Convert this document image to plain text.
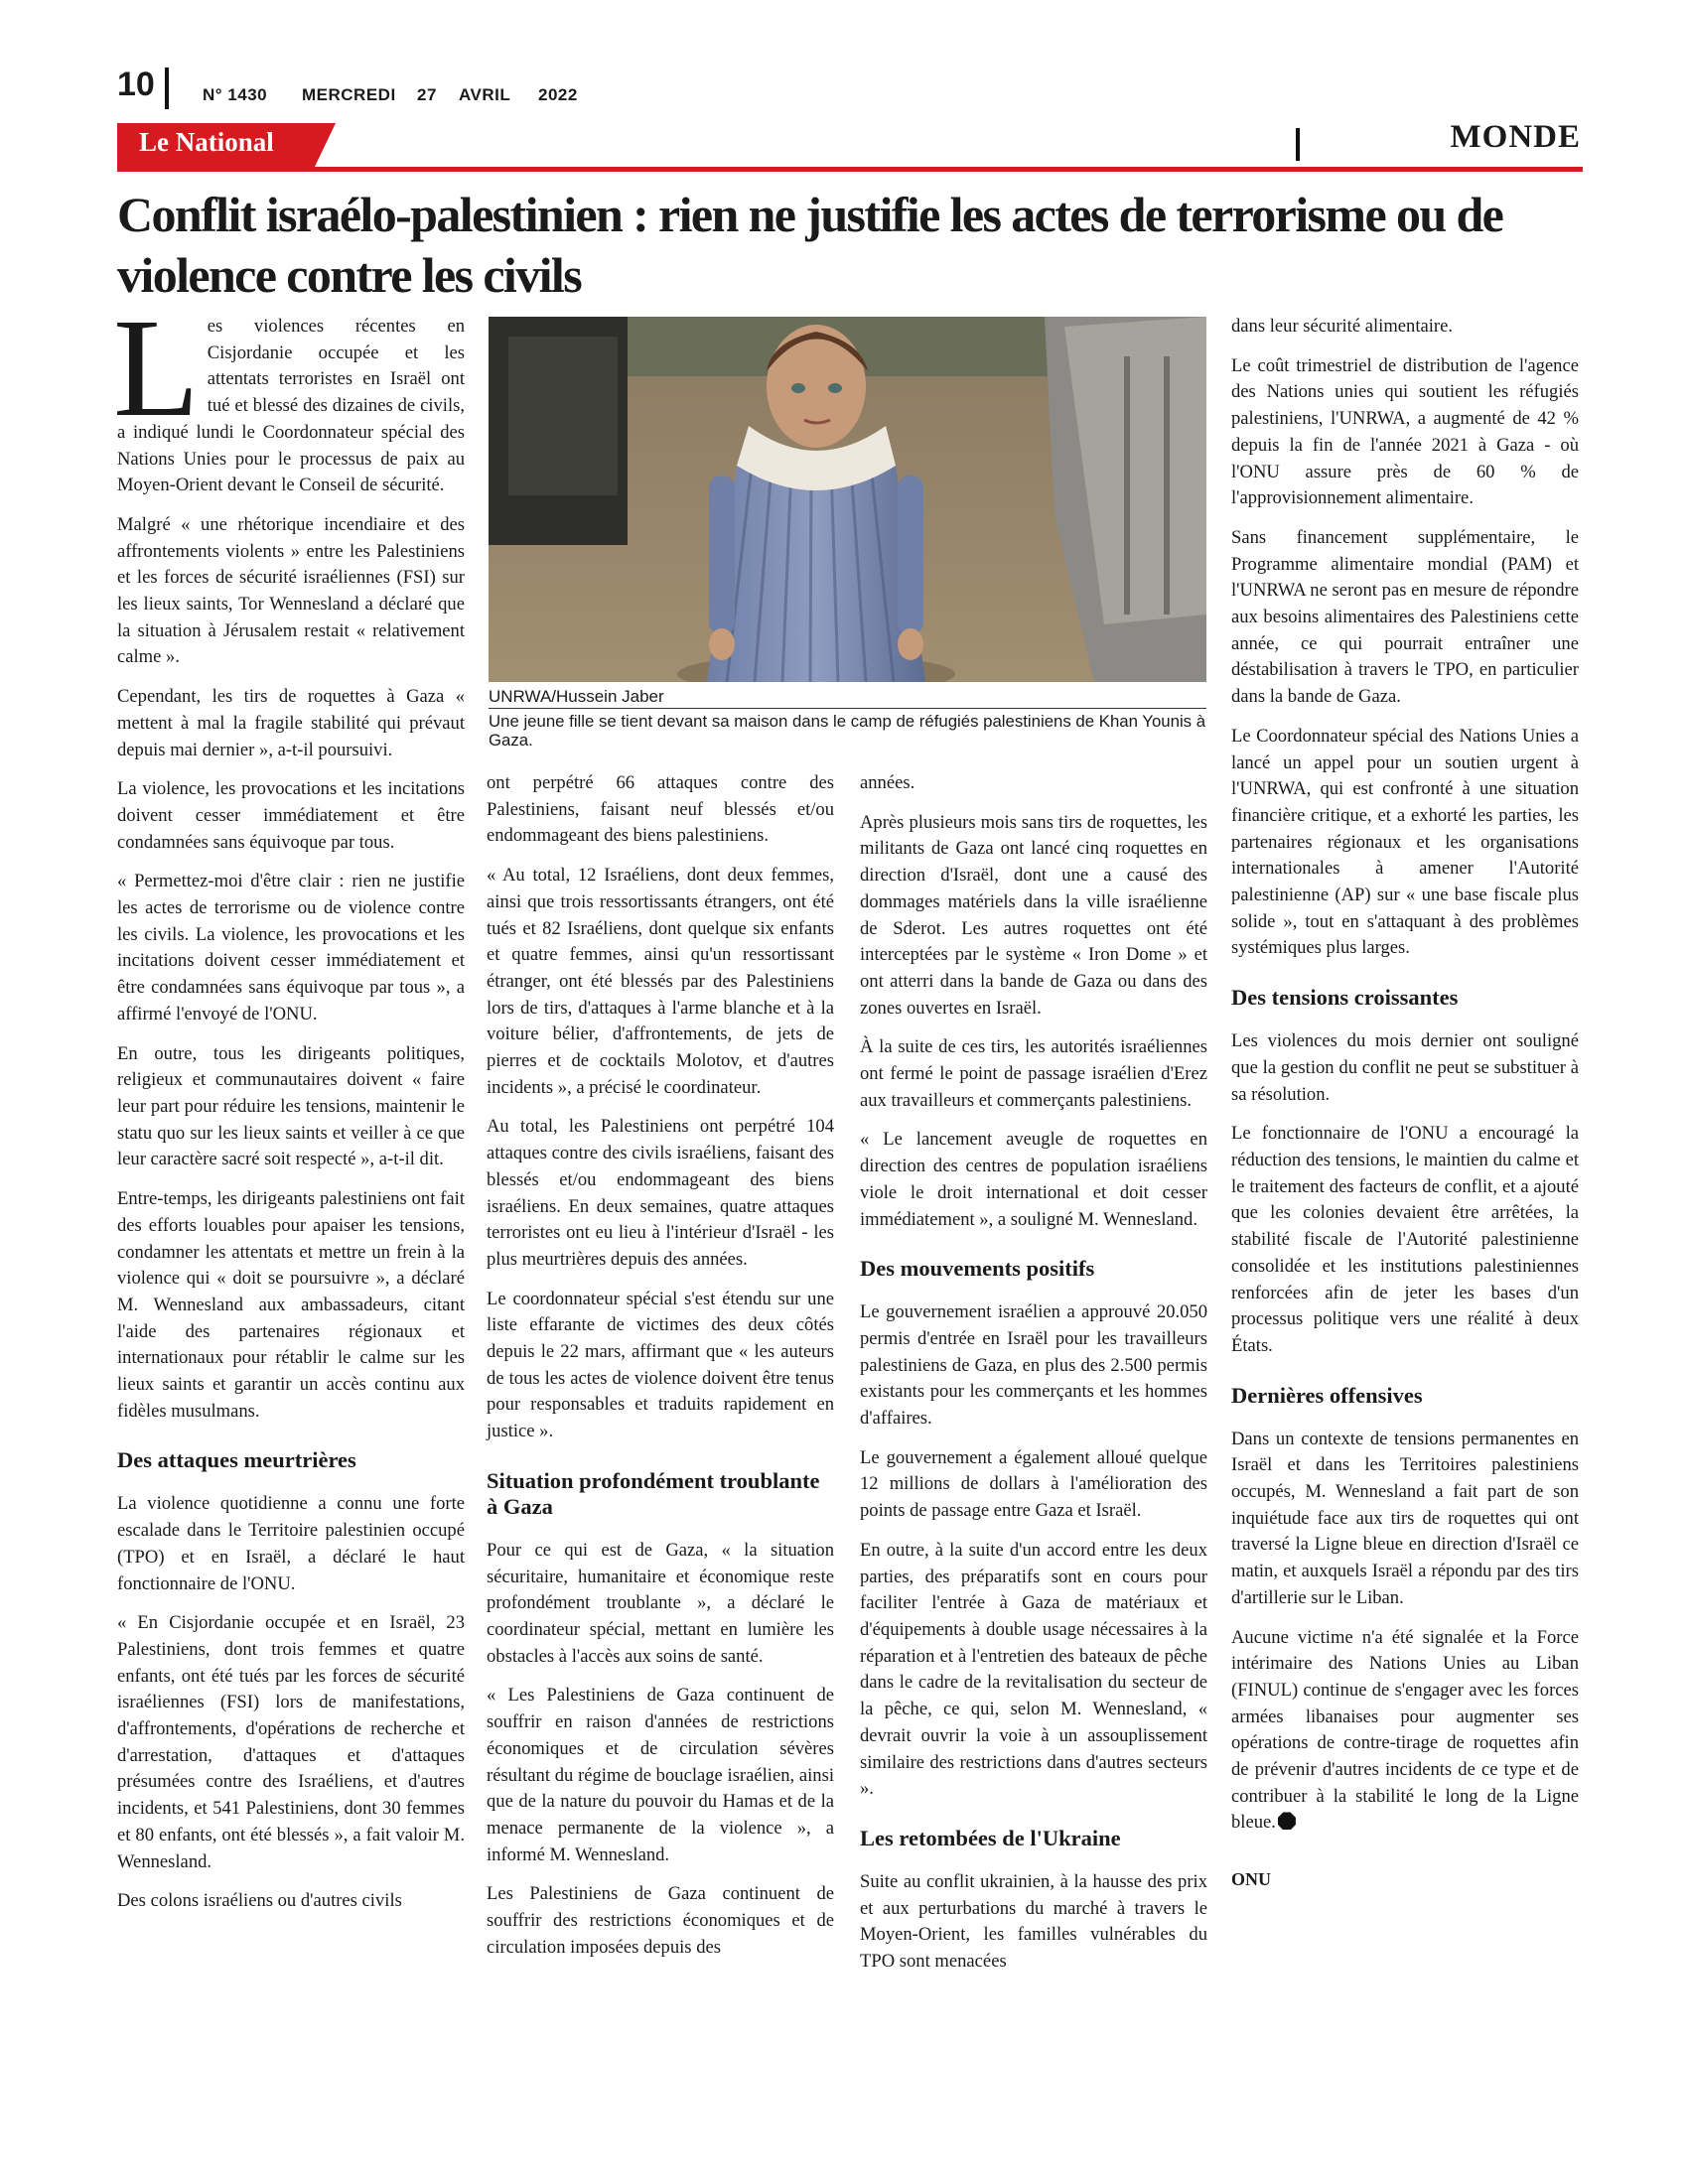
10	N° 1430 MERCREDI 27 AVRIL 2022
Le National	MONDE
Conflit israélo-palestinien : rien ne justifie les actes de terrorisme ou de violence contre les civils
UNRWA/Hussein Jaber
Une jeune fille se tient devant sa maison dans le camp de réfugiés palestiniens de Khan Younis à Gaza.

Les violences récentes en Cisjordanie occupée et les attentats terroristes en Israël ont tué et blessé des dizaines de civils, a indiqué lundi le Coordonnateur spécial des Nations Unies pour le processus de paix au Moyen-Orient devant le Conseil de sécurité.

Malgré « une rhétorique incendiaire et des affrontements violents » entre les Palestiniens et les forces de sécurité israéliennes (FSI) sur les lieux saints, Tor Wennesland a déclaré que la situation à Jérusalem restait « relativement calme ».

Cependant, les tirs de roquettes à Gaza « mettent à mal la fragile stabilité qui prévaut depuis mai dernier », a-t-il poursuivi.

La violence, les provocations et les incitations doivent cesser immédiatement et être condamnées sans équivoque par tous.

« Permettez-moi d'être clair : rien ne justifie les actes de terrorisme ou de violence contre les civils. La violence, les provocations et les incitations doivent cesser immédiatement et être condamnées sans équivoque par tous », a affirmé l'envoyé de l'ONU.

En outre, tous les dirigeants politiques, religieux et communautaires doivent « faire leur part pour réduire les tensions, maintenir le statu quo sur les lieux saints et veiller à ce que leur caractère sacré soit respecté », a-t-il dit.

Entre-temps, les dirigeants palestiniens ont fait des efforts louables pour apaiser les tensions, condamner les attentats et mettre un frein à la violence qui « doit se poursuivre », a déclaré M. Wennesland aux ambassadeurs, citant l'aide des partenaires régionaux et internationaux pour rétablir le calme sur les lieux saints et garantir un accès continu aux fidèles musulmans.

Des attaques meurtrières

La violence quotidienne a connu une forte escalade dans le Territoire palestinien occupé (TPO) et en Israël, a déclaré le haut fonctionnaire de l'ONU.

« En Cisjordanie occupée et en Israël, 23 Palestiniens, dont trois femmes et quatre enfants, ont été tués par les forces de sécurité israéliennes (FSI) lors de manifestations, d'affrontements, d'opérations de recherche et d'arrestation, d'attaques et d'attaques présumées contre des Israéliens, et d'autres incidents, et 541 Palestiniens, dont 30 femmes et 80 enfants, ont été blessés », a fait valoir M. Wennesland.

Des colons israéliens ou d'autres civils

ont perpétré 66 attaques contre des Palestiniens, faisant neuf blessés et/ou endommageant des biens palestiniens.

« Au total, 12 Israéliens, dont deux femmes, ainsi que trois ressortissants étrangers, ont été tués et 82 Israéliens, dont quelque six enfants et quatre femmes, ainsi qu'un ressortissant étranger, ont été blessés par des Palestiniens lors de tirs, d'attaques à l'arme blanche et à la voiture bélier, d'affrontements, de jets de pierres et de cocktails Molotov, et d'autres incidents », a précisé le coordinateur.

Au total, les Palestiniens ont perpétré 104 attaques contre des civils israéliens, faisant des blessés et/ou endommageant des biens israéliens. En deux semaines, quatre attaques terroristes ont eu lieu à l'intérieur d'Israël - les plus meurtrières depuis des années.

Le coordonnateur spécial s'est étendu sur une liste effarante de victimes des deux côtés depuis le 22 mars, affirmant que « les auteurs de tous les actes de violence doivent être tenus pour responsables et traduits rapidement en justice ».

Situation profondément troublante à Gaza

Pour ce qui est de Gaza, « la situation sécuritaire, humanitaire et économique reste profondément troublante », a déclaré le coordinateur spécial, mettant en lumière les obstacles à l'accès aux soins de santé.

« Les Palestiniens de Gaza continuent de souffrir en raison d'années de restrictions économiques et de circulation sévères résultant du régime de bouclage israélien, ainsi que de la nature du pouvoir du Hamas et de la menace permanente de la violence », a informé M. Wennesland.

Les Palestiniens de Gaza continuent de souffrir des restrictions économiques et de circulation imposées depuis des

années.

Après plusieurs mois sans tirs de roquettes, les militants de Gaza ont lancé cinq roquettes en direction d'Israël, dont une a causé des dommages matériels dans la ville israélienne de Sderot. Les autres roquettes ont été interceptées par le système « Iron Dome » et ont atterri dans la bande de Gaza ou dans des zones ouvertes en Israël.

À la suite de ces tirs, les autorités israéliennes ont fermé le point de passage israélien d'Erez aux travailleurs et commerçants palestiniens.

« Le lancement aveugle de roquettes en direction des centres de population israéliens viole le droit international et doit cesser immédiatement », a souligné M. Wennesland.

Des mouvements positifs

Le gouvernement israélien a approuvé 20.050 permis d'entrée en Israël pour les travailleurs palestiniens de Gaza, en plus des 2.500 permis existants pour les commerçants et les hommes d'affaires.

Le gouvernement a également alloué quelque 12 millions de dollars à l'amélioration des points de passage entre Gaza et Israël.

En outre, à la suite d'un accord entre les deux parties, des préparatifs sont en cours pour faciliter l'entrée à Gaza de matériaux et d'équipements à double usage nécessaires à la réparation et à l'entretien des bateaux de pêche dans le cadre de la revitalisation du secteur de la pêche, ce qui, selon M. Wennesland, « devrait ouvrir la voie à un assouplissement similaire des restrictions dans d'autres secteurs ».

Les retombées de l'Ukraine

Suite au conflit ukrainien, à la hausse des prix et aux perturbations du marché à travers le Moyen-Orient, les familles vulnérables du TPO sont menacées

dans leur sécurité alimentaire.

Le coût trimestriel de distribution de l'agence des Nations unies qui soutient les réfugiés palestiniens, l'UNRWA, a augmenté de 42 % depuis la fin de l'année 2021 à Gaza - où l'ONU assure près de 60 % de l'approvisionnement alimentaire.

Sans financement supplémentaire, le Programme alimentaire mondial (PAM) et l'UNRWA ne seront pas en mesure de répondre aux besoins alimentaires des Palestiniens cette année, ce qui pourrait entraîner une déstabilisation à travers le TPO, en particulier dans la bande de Gaza.

Le Coordonnateur spécial des Nations Unies a lancé un appel pour un soutien urgent à l'UNRWA, qui est confronté à une situation financière critique, et a exhorté les parties, les partenaires régionaux et les organisations internationales à amener l'Autorité palestinienne (AP) sur « une base fiscale plus solide », tout en s'attaquant à des problèmes systémiques plus larges.

Des tensions croissantes

Les violences du mois dernier ont souligné que la gestion du conflit ne peut se substituer à sa résolution.

Le fonctionnaire de l'ONU a encouragé la réduction des tensions, le maintien du calme et le traitement des facteurs de conflit, et a ajouté que les colonies devaient être arrêtées, la stabilité fiscale de l'Autorité palestinienne consolidée et les institutions palestiniennes renforcées afin de jeter les bases d'un processus politique vers une réalité à deux États.

Dernières offensives

Dans un contexte de tensions permanentes en Israël et dans les Territoires palestiniens occupés, M. Wennesland a fait part de son inquiétude face aux tirs de roquettes qui ont traversé la Ligne bleue en direction d'Israël ce matin, et auxquels Israël a répondu par des tirs d'artillerie sur le Liban.

Aucune victime n'a été signalée et la Force intérimaire des Nations Unies au Liban (FINUL) continue de s'engager avec les forces armées libanaises pour augmenter ses opérations de contre-tirage de roquettes afin de prévenir d'autres incidents de ce type et de contribuer à la stabilité le long de la Ligne bleue.

ONU
